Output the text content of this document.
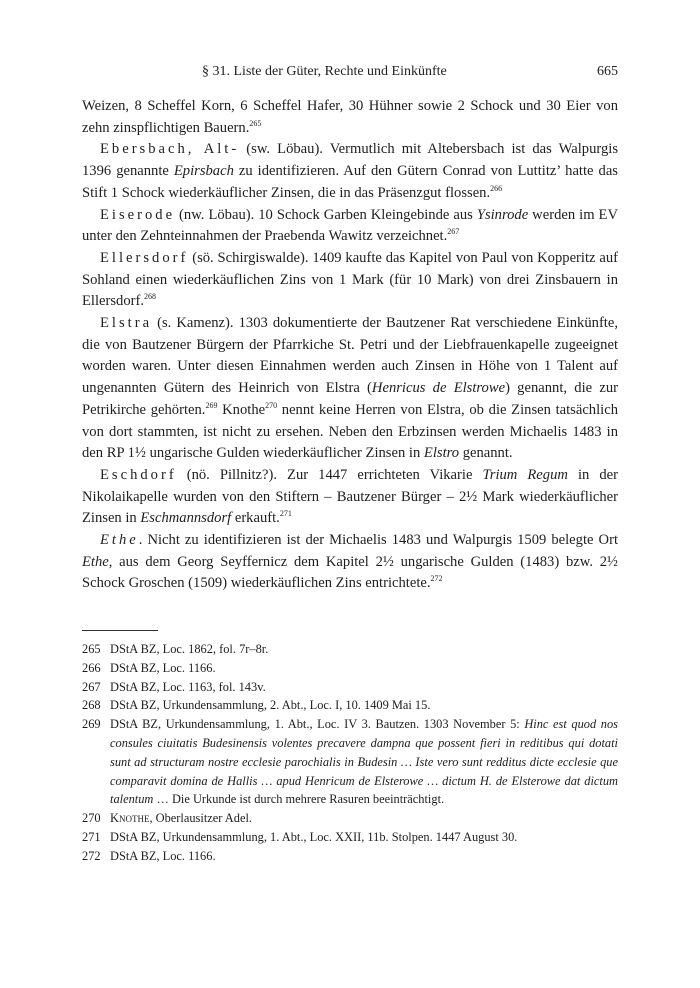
§ 31. Liste der Güter, Rechte und Einkünfte	665

Weizen, 8 Scheffel Korn, 6 Scheffel Hafer, 30 Hühner sowie 2 Schock und 30 Eier von zehn zinspflichtigen Bauern.$^{265}$

Ebersbach, Alt- (sw. Löbau). Vermutlich mit Altebersbach ist das Walpurgis 1396 genannte Epirsbach zu identifizieren. Auf den Gütern Conrad von Luttitz’ hatte das Stift 1 Schock wiederkäuflicher Zinsen, die in das Präsenzgut flossen.$^{266}$

Eiserode (nw. Löbau). 10 Schock Garben Kleingebinde aus Ysinrode werden im EV unter den Zehnteinnahmen der Praebenda Wawitz verzeichnet.$^{267}$

Ellersdorf (sö. Schirgiswalde). 1409 kaufte das Kapitel von Paul von Kopperitz auf Sohland einen wiederkäuflichen Zins von 1 Mark (für 10 Mark) von drei Zinsbauern in Ellersdorf.$^{268}$

Elstra (s. Kamenz). 1303 dokumentierte der Bautzener Rat verschiedene Einkünfte, die von Bautzener Bürgern der Pfarrkiche St. Petri und der Liebfrauenkapelle zugeeignet worden waren. Unter diesen Einnahmen werden auch Zinsen in Höhe von 1 Talent auf ungenannten Gütern des Heinrich von Elstra (Henricus de Elstrowe) genannt, die zur Petrikirche gehörten.$^{269}$ Knothe$^{270}$ nennt keine Herren von Elstra, ob die Zinsen tatsächlich von dort stammten, ist nicht zu ersehen. Neben den Erbzinsen werden Michaelis 1483 in den RP 1½ ungarische Gulden wiederkäuflicher Zinsen in Elstro genannt.

Eschdorf (nö. Pillnitz?). Zur 1447 errichteten Vikarie Trium Regum in der Nikolaikapelle wurden von den Stiftern – Bautzener Bürger – 2½ Mark wiederkäuflicher Zinsen in Eschmannsdorf erkauft.$^{271}$

Ethe. Nicht zu identifizieren ist der Michaelis 1483 und Walpurgis 1509 belegte Ort Ethe, aus dem Georg Seyffernicz dem Kapitel 2½ ungarische Gulden (1483) bzw. 2½ Schock Groschen (1509) wiederkäuflichen Zins entrichtete.$^{272}$

265 DStA BZ, Loc. 1862, fol. 7r–8r.
266 DStA BZ, Loc. 1166.
267 DStA BZ, Loc. 1163, fol. 143v.
268 DStA BZ, Urkundensammlung, 2. Abt., Loc. I, 10. 1409 Mai 15.
269 DStA BZ, Urkundensammlung, 1. Abt., Loc. IV 3. Bautzen. 1303 November 5: Hinc est quod nos consules ciuitatis Budesinensis volentes precavere dampna que possent fieri in reditibus qui dotati sunt ad structuram nostre ecclesie parochialis in Budesin … Iste vero sunt redditus dicte ecclesie que comparavit domina de Hallis … apud Henricum de Elsterowe … dictum H. de Elsterowe dat dictum talentum … Die Urkunde ist durch mehrere Rasuren beeinträchtigt.
270 Knothe, Oberlausitzer Adel.
271 DStA BZ, Urkundensammlung, 1. Abt., Loc. XXII, 11b. Stolpen. 1447 August 30.
272 DStA BZ, Loc. 1166.
